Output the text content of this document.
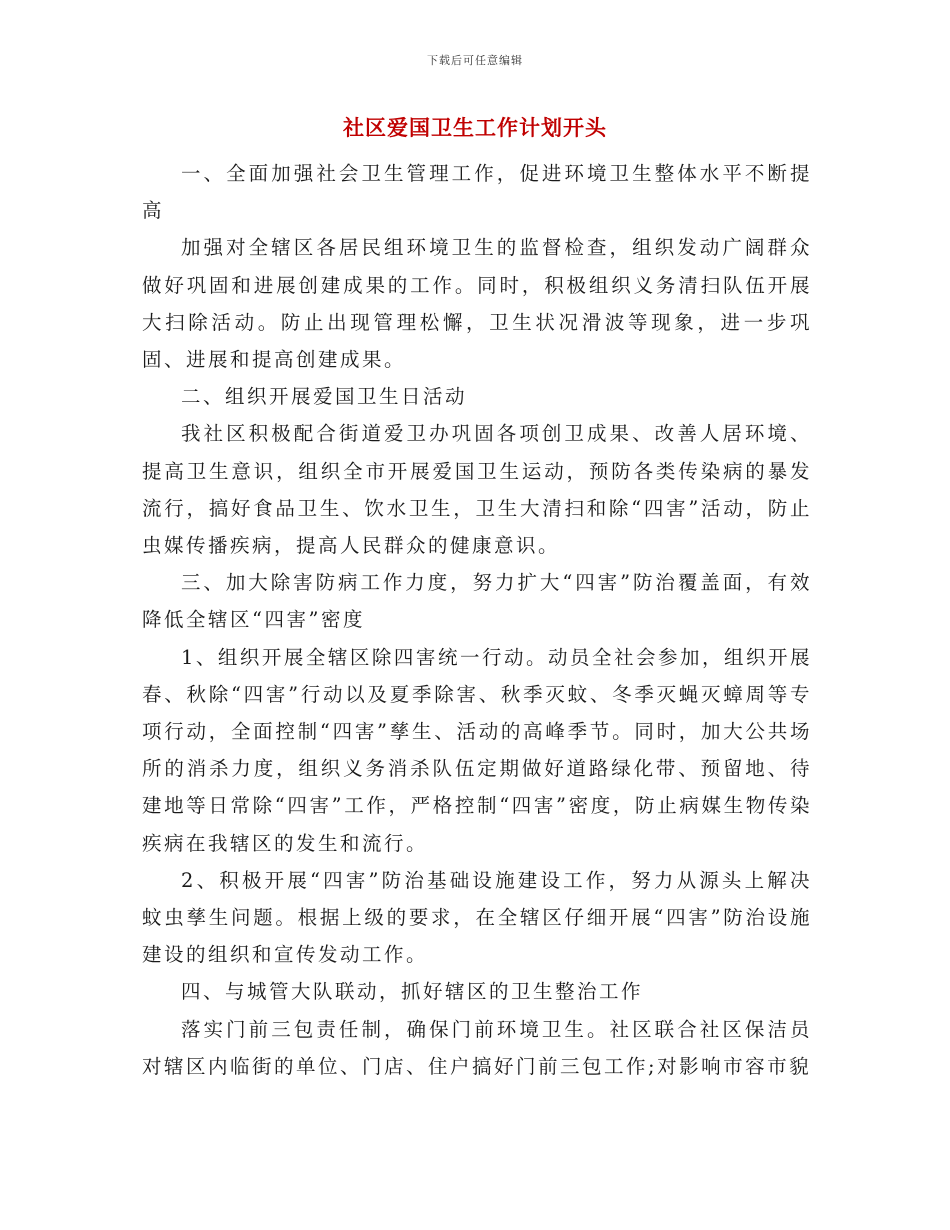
下载后可任意编辑
社区爱国卫生工作计划开头

一、全面加强社会卫生管理工作，促进环境卫生整体水平不断提高

加强对全辖区各居民组环境卫生的监督检查，组织发动广阔群众做好巩固和进展创建成果的工作。同时，积极组织义务清扫队伍开展大扫除活动。防止出现管理松懈，卫生状况滑波等现象，进一步巩固、进展和提高创建成果。

二、组织开展爱国卫生日活动

我社区积极配合街道爱卫办巩固各项创卫成果、改善人居环境、提高卫生意识，组织全市开展爱国卫生运动，预防各类传染病的暴发流行，搞好食品卫生、饮水卫生，卫生大清扫和除“四害”活动，防止虫媒传播疾病，提高人民群众的健康意识。

三、加大除害防病工作力度，努力扩大“四害”防治覆盖面，有效降低全辖区“四害”密度

1、组织开展全辖区除四害统一行动。动员全社会参加，组织开展春、秋除“四害”行动以及夏季除害、秋季灭蚊、冬季灭蝇灭蟑周等专项行动，全面控制“四害”孳生、活动的高峰季节。同时，加大公共场所的消杀力度，组织义务消杀队伍定期做好道路绿化带、预留地、待建地等日常除“四害”工作，严格控制“四害”密度，防止病媒生物传染疾病在我辖区的发生和流行。

2、积极开展“四害”防治基础设施建设工作，努力从源头上解决蚊虫孳生问题。根据上级的要求，在全辖区仔细开展“四害”防治设施建设的组织和宣传发动工作。

四、与城管大队联动，抓好辖区的卫生整治工作

落实门前三包责任制，确保门前环境卫生。社区联合社区保洁员对辖区内临街的单位、门店、住户搞好门前三包工作;对影响市容市貌
